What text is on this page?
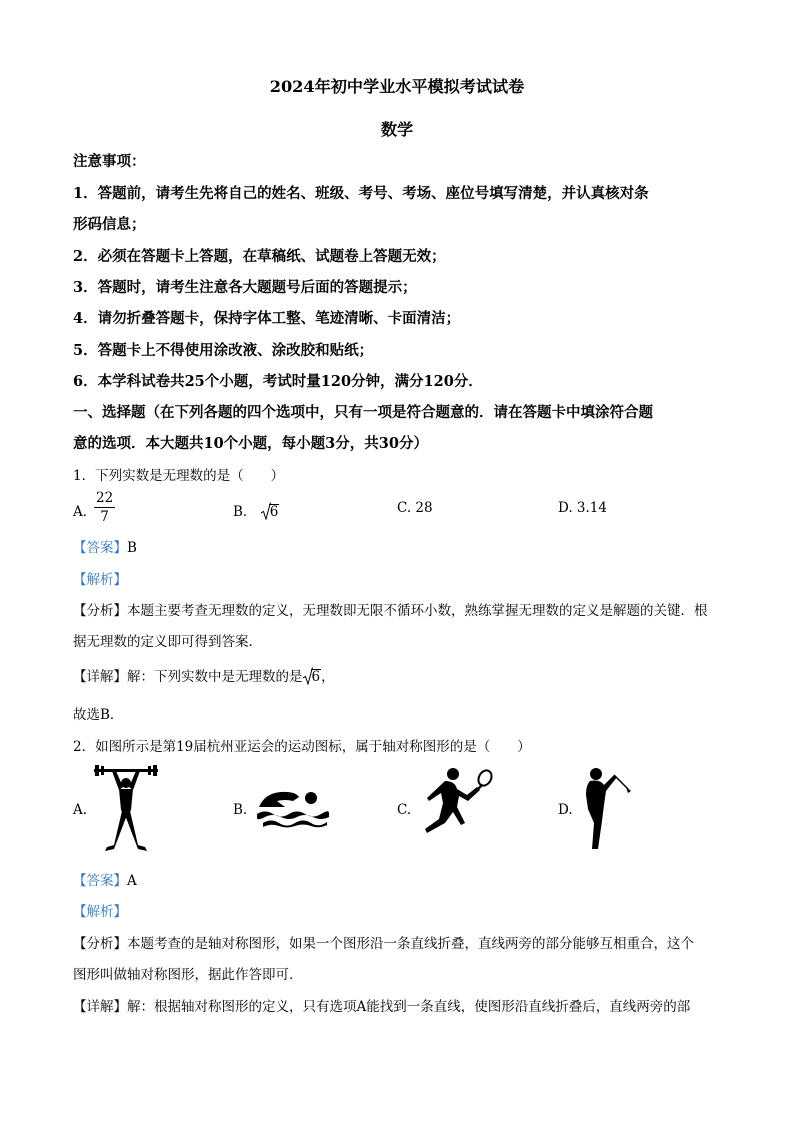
2024年初中学业水平模拟考试试卷
数学
注意事项：
1．答题前，请考生先将自己的姓名、班级、考号、考场、座位号填写清楚，并认真核对条
形码信息；
2．必须在答题卡上答题，在草稿纸、试题卷上答题无效；
3．答题时，请考生注意各大题题号后面的答题提示；
4．请勿折叠答题卡，保持字体工整、笔迹清晰、卡面清洁；
5．答题卡上不得使用涂改液、涂改胶和贴纸；
6．本学科试卷共25个小题，考试时量120分钟，满分120分．
一、选择题（在下列各题的四个选项中，只有一项是符合题意的．请在答题卡中填涂符合题
意的选项．本大题共10个小题，每小题3分，共30分）
1．下列实数是无理数的是（　　）
A．
$\frac{22}{7}$	B． 6	C. 28	D. 3.14
【答案】B
【解析】
【分析】本题主要考查无理数的定义，无理数即无限不循环小数，熟练掌握无理数的定义是解题的关键．根
据无理数的定义即可得到答案．
【详解】解：下列实数中是无理数的是 6，
故选B．
2．如图所示是第19届杭州亚运会的运动图标，属于轴对称图形的是（　　）
A.	B.	C.	D.
【答案】A
【解析】
【分析】本题考查的是轴对称图形，如果一个图形沿一条直线折叠，直线两旁的部分能够互相重合，这个
图形叫做轴对称图形，据此作答即可．
【详解】解：根据轴对称图形的定义，只有选项A能找到一条直线，使图形沿直线折叠后，直线两旁的部
